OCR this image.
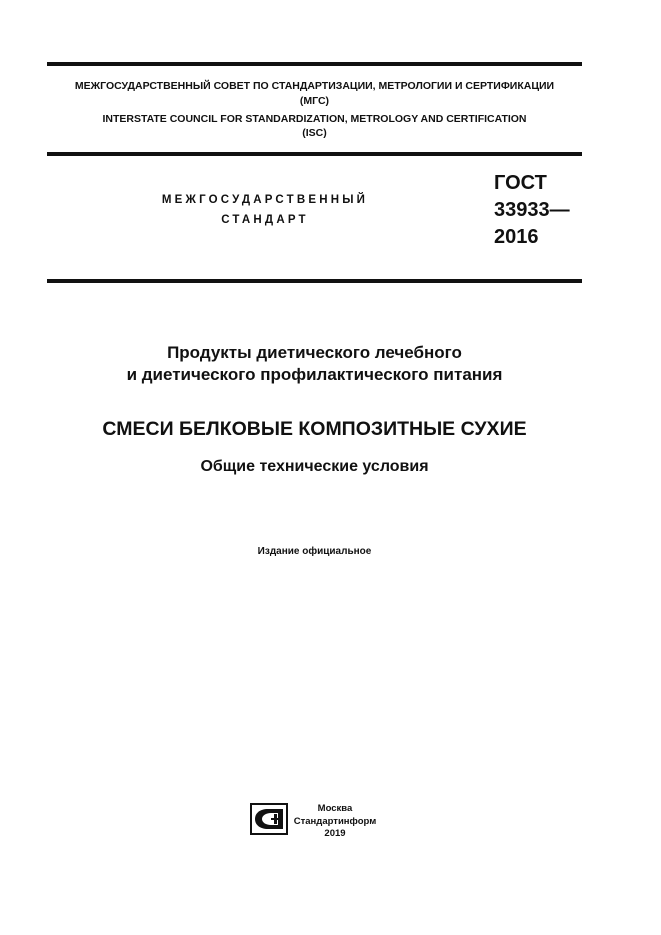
МЕЖГОСУДАРСТВЕННЫЙ СОВЕТ ПО СТАНДАРТИЗАЦИИ, МЕТРОЛОГИИ И СЕРТИФИКАЦИИ
(МГС)
INTERSTATE COUNCIL FOR STANDARDIZATION, METROLOGY AND CERTIFICATION
(ISC)
МЕЖГОСУДАРСТВЕННЫЙ
СТАНДАРТ
ГОСТ
33933—
2016
Продукты диетического лечебного
и диетического профилактического питания
СМЕСИ БЕЛКОВЫЕ КОМПОЗИТНЫЕ СУХИЕ
Общие технические условия
Издание официальное
Москва
Стандартинформ
2019
